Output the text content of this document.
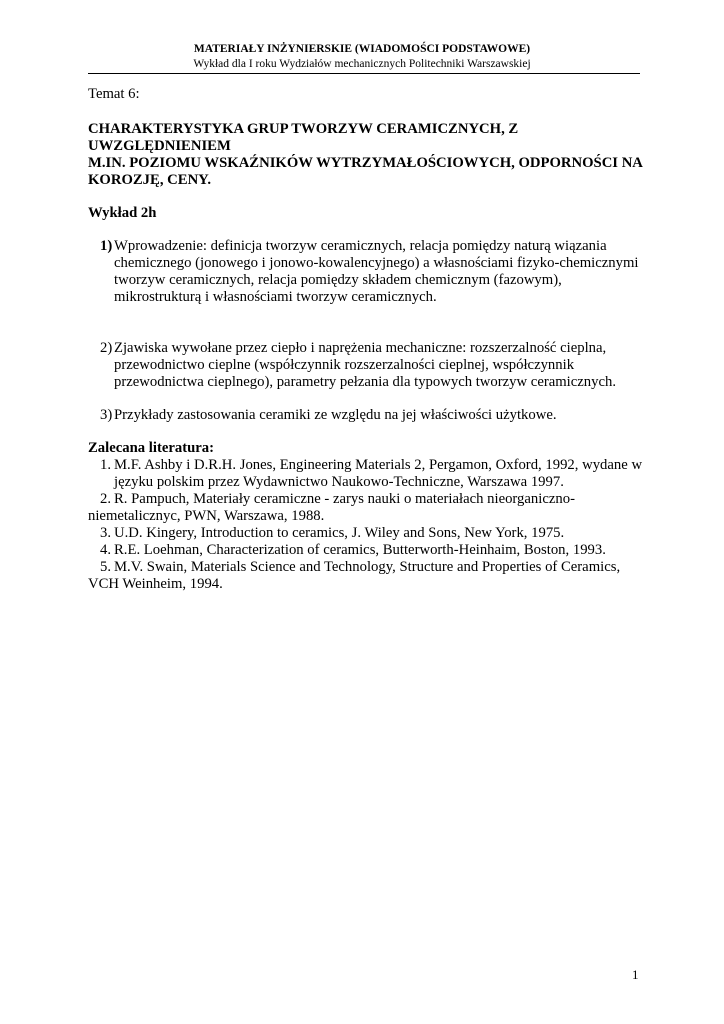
MATERIAŁY INŻYNIERSKIE (WIADOMOŚCI PODSTAWOWE)
Wykład dla I roku Wydziałów mechanicznych Politechniki Warszawskiej
Temat 6:
CHARAKTERYSTYKA GRUP TWORZYW CERAMICZNYCH, Z UWZGLĘDNIENIEM
M.IN. POZIOMU WSKAŹNIKÓW WYTRZYMAŁOŚCIOWYCH, ODPORNOŚCI NA
KOROZJĘ, CENY.
Wykład 2h
1) Wprowadzenie: definicja tworzyw ceramicznych, relacja pomiędzy naturą wiązania
chemicznego (jonowego i jonowo-kowalencyjnego) a własnościami fizyko-chemicznymi
tworzyw ceramicznych, relacja pomiędzy składem chemicznym (fazowym),
mikrostrukturą i własnościami tworzyw ceramicznych.
2) Zjawiska wywołane przez ciepło i naprężenia mechaniczne: rozszerzalność cieplna,
przewodnictwo cieplne (współczynnik rozszerzalności cieplnej, współczynnik
przewodnictwa cieplnego), parametry pełzania dla typowych tworzyw ceramicznych.
3) Przykłady zastosowania ceramiki ze względu na jej właściwości użytkowe.
Zalecana literatura:
1. M.F. Ashby i D.R.H. Jones, Engineering Materials 2, Pergamon, Oxford, 1992, wydane w
języku polskim przez Wydawnictwo Naukowo-Techniczne, Warszawa 1997.
2. R. Pampuch, Materiały ceramiczne - zarys nauki o materiałach nieorganiczno-
niemetalicznyc, PWN, Warszawa, 1988.
3. U.D. Kingery, Introduction to ceramics, J. Wiley and Sons, New York, 1975.
4. R.E. Loehman, Characterization of ceramics, Butterworth-Heinhaim, Boston, 1993.
5. M.V. Swain, Materials Science and Technology, Structure and Properties of Ceramics,
VCH Weinheim, 1994.
1
